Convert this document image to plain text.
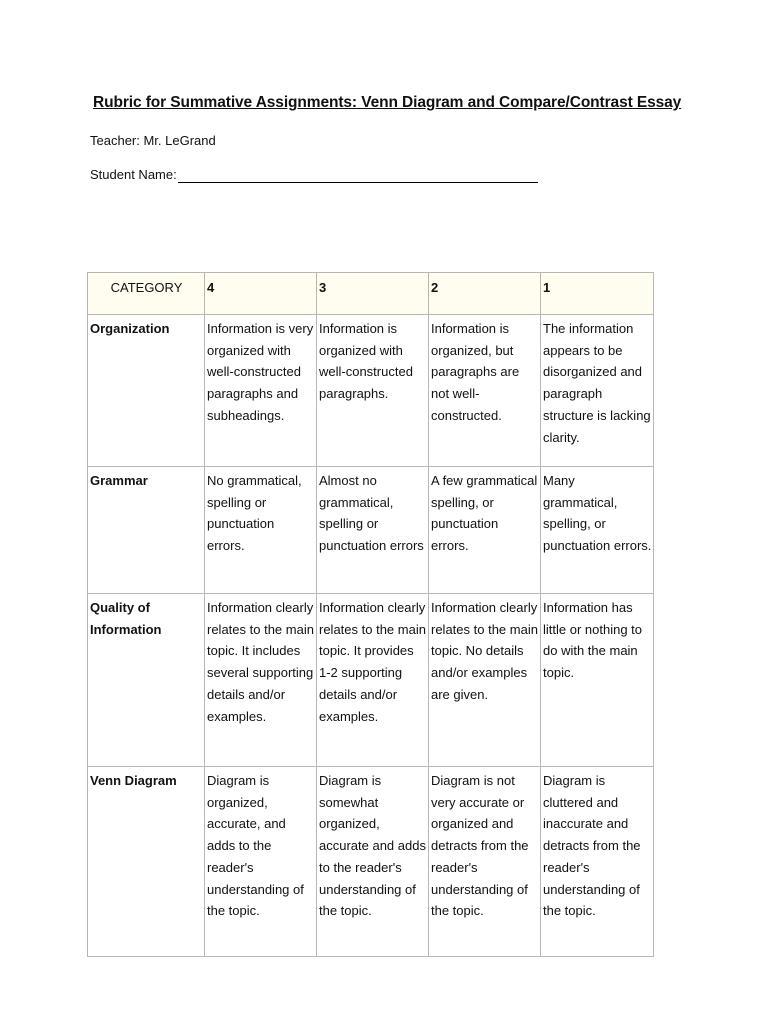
Rubric for Summative Assignments: Venn Diagram and Compare/Contrast Essay
Teacher: Mr. LeGrand
Student Name:
CATEGORY	4	3	2	1
Organization	Information is very organized with well-constructed paragraphs and subheadings.	Information is organized with well-constructed paragraphs.	Information is organized, but paragraphs are not well-constructed.	The information appears to be disorganized and paragraph structure is lacking clarity.
Grammar	No grammatical, spelling or punctuation errors.	Almost no grammatical, spelling or punctuation errors	A few grammatical spelling, or punctuation errors.	Many grammatical, spelling, or punctuation errors.
Quality of Information	Information clearly relates to the main topic. It includes several supporting details and/or examples.	Information clearly relates to the main topic. It provides 1-2 supporting details and/or examples.	Information clearly relates to the main topic. No details and/or examples are given.	Information has little or nothing to do with the main topic.
Venn Diagram	Diagram is organized, accurate, and adds to the reader's understanding of the topic.	Diagram is somewhat organized, accurate and adds to the reader's understanding of the topic.	Diagram is not very accurate or organized and detracts from the reader's understanding of the topic.	Diagram is cluttered and inaccurate and detracts from the reader's understanding of the topic.
